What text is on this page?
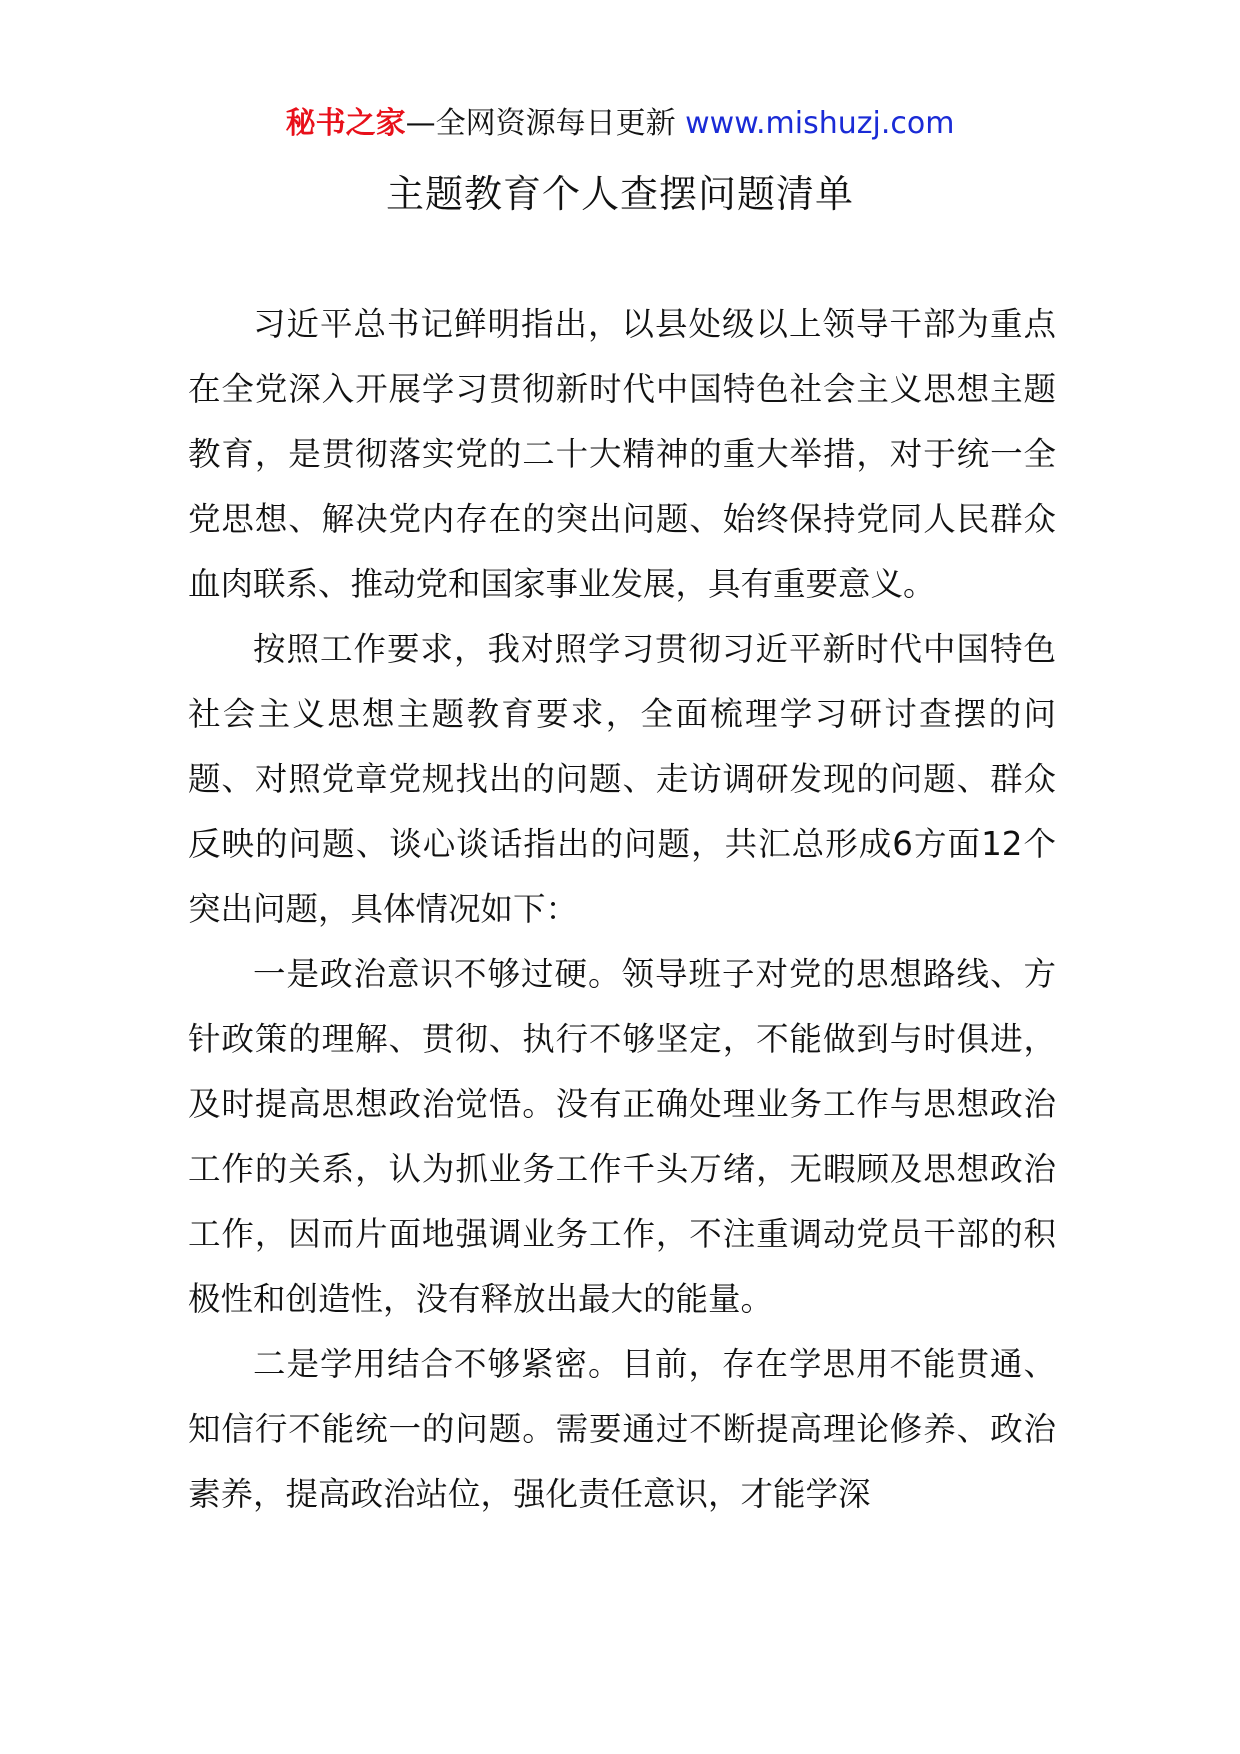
秘书之家—全网资源每日更新 www.mishuzj.com
主题教育个人查摆问题清单

习近平总书记鲜明指出，以县处级以上领导干部为重点在全党深入开展学习贯彻新时代中国特色社会主义思想主题教育，是贯彻落实党的二十大精神的重大举措，对于统一全党思想、解决党内存在的突出问题、始终保持党同人民群众血肉联系、推动党和国家事业发展，具有重要意义。

按照工作要求，我对照学习贯彻习近平新时代中国特色社会主义思想主题教育要求，全面梳理学习研讨查摆的问题、对照党章党规找出的问题、走访调研发现的问题、群众反映的问题、谈心谈话指出的问题，共汇总形成6方面12个突出问题，具体情况如下：

一是政治意识不够过硬。领导班子对党的思想路线、方针政策的理解、贯彻、执行不够坚定，不能做到与时俱进，及时提高思想政治觉悟。没有正确处理业务工作与思想政治工作的关系，认为抓业务工作千头万绪，无暇顾及思想政治工作，因而片面地强调业务工作，不注重调动党员干部的积极性和创造性，没有释放出最大的能量。

二是学用结合不够紧密。目前，存在学思用不能贯通、知信行不能统一的问题。需要通过不断提高理论修养、政治素养，提高政治站位，强化责任意识，才能学深
